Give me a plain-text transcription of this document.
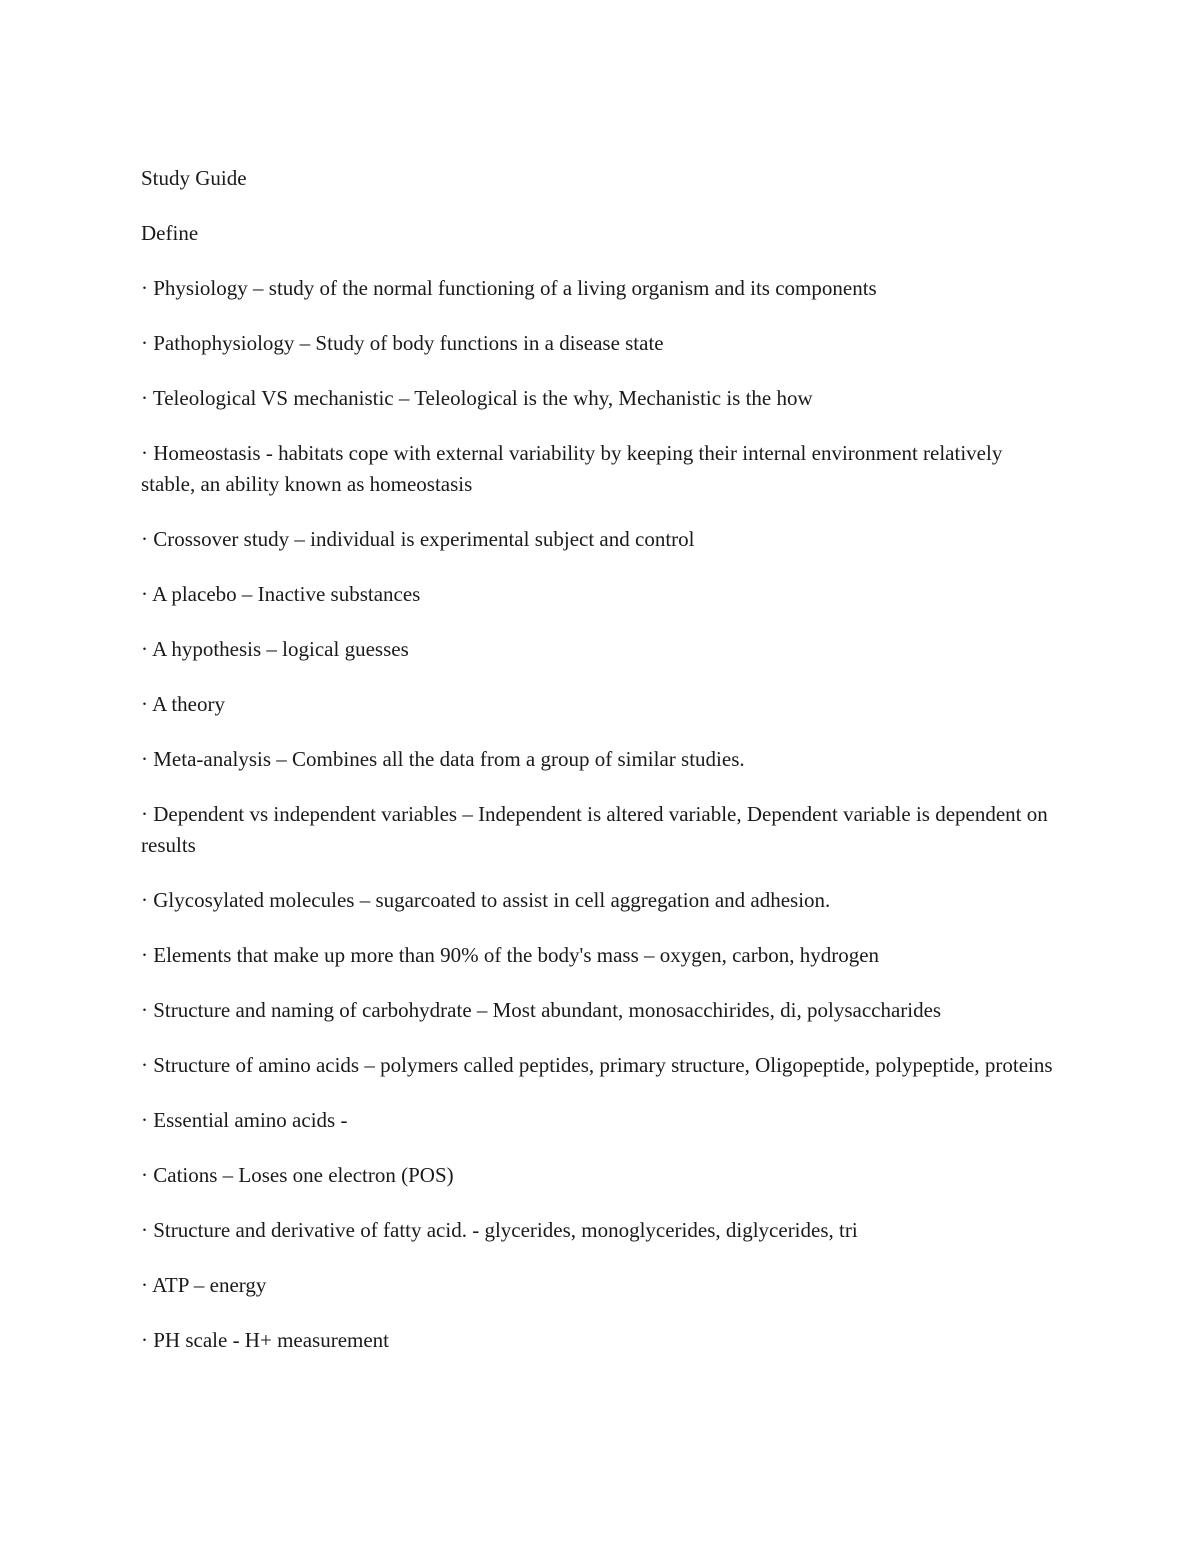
Study Guide

Define

· Physiology – study of the normal functioning of a living organism and its components
· Pathophysiology – Study of body functions in a disease state
· Teleological VS mechanistic – Teleological is the why, Mechanistic is the how
· Homeostasis - habitats cope with external variability by keeping their internal environment relatively stable, an ability known as homeostasis
· Crossover study – individual is experimental subject and control
· A placebo – Inactive substances
· A hypothesis – logical guesses
· A theory
· Meta-analysis – Combines all the data from a group of similar studies.
· Dependent vs independent variables – Independent is altered variable, Dependent variable is dependent on results
· Glycosylated molecules – sugarcoated to assist in cell aggregation and adhesion.
· Elements that make up more than 90% of the body's mass – oxygen, carbon, hydrogen
· Structure and naming of carbohydrate – Most abundant, monosacchirides, di, polysaccharides
· Structure of amino acids – polymers called peptides, primary structure, Oligopeptide, polypeptide, proteins
· Essential amino acids -
· Cations – Loses one electron (POS)
· Structure and derivative of fatty acid. - glycerides, monoglycerides, diglycerides, tri
· ATP – energy
· PH scale - H+ measurement
